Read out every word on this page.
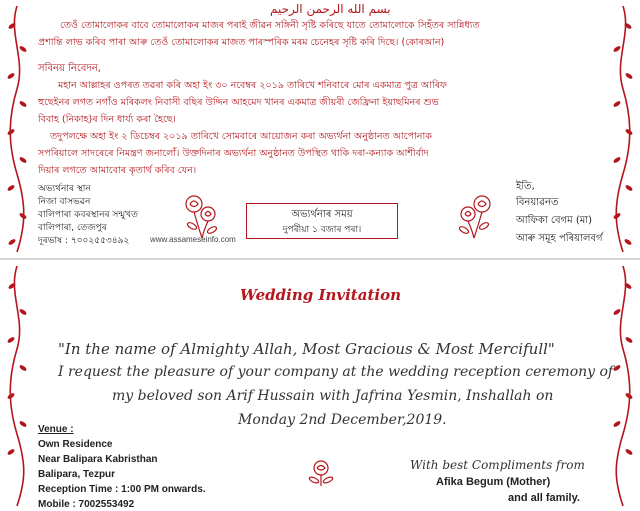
بسم الله الرحمن الرحيم
তেওঁ তোমালোকৰ বাবে তোমালোকৰ মাজৰ পৰাই জীৱন সঙ্গিনী সৃষ্টি কৰিছে যাতে তোমালোকে সিহঁতৰ সান্নিধ্যত
প্ৰশান্তি লাভ কৰিব পাৰা আৰু তেওঁ তোমালোকৰ মাজত পাৰস্পৰিক মৰম চেনেহৰ সৃষ্টি কৰি দিছে। (কোৰআন)
সবিনয় নিবেদন,
মহান আল্লাহৰ ওপৰত তৱৰা কৰি অহা ইং ৩০ নবেম্বৰ ২০১৯ তাৰিখে শনিবাৰে মোৰ একমাত্ৰ পুত্ৰ আৰিফ
হুছেইনৰ লগত নগাঁও মৰিকলং নিবাসী বছিৰ উদ্দিন আহমেদ খানৰ একমাত্ৰ জীয়ৰী জেফ্ৰিনা ইয়াছমিনৰ শুভ
বিবাহ (নিকাহ)ৰ দিন ধাৰ্য্য কৰা হৈছে।
তদুপলক্ষে অহা ইং ২ ডিচেম্বৰ ২০১৯ তাৰিখে সোমবাৰে আয়োজন কৰা অভ্যৰ্থনা অনুষ্ঠানত আপোনাক
সপৰিয়ালে সাদৰেৰে নিমন্ত্ৰণ জনালোঁ। উক্তদিনাৰ অভ্যৰ্থনা অনুষ্ঠানত উপস্থিত থাকি দৰা-কন্যাক আশীৰ্বাদ
দিয়াৰ লগতে আমাবোৰ কৃতাৰ্থ কৰিব যেন।
অভ্যৰ্থনাৰ স্থান
নিজা বাসভৱন
বালিপাৰা কবৰস্থানৰ সন্মুখত
বালিপাৰা, তেজপুৰ
দূৰভাষ : ৭০০২৫৫৩৪৯২	www.assameseinfo.com
অভ্যৰ্থনাৰ সময়
দুপৰীয়া ১ বজাৰ পৰা।
ইতি,
বিনয়াৱনত
আফিকা বেগম (মা)
আৰু সমূহ পৰিয়ালবৰ্গ
Wedding Invitation
"In the name of Almighty Allah, Most Gracious & Most Mercifull"
I request the pleasure of your company at the wedding reception ceremony of
my beloved son Arif Hussain with Jafrina Yesmin, Inshallah on
Monday 2nd December,2019.
Venue :
Own Residence
Near Balipara Kabristhan
Balipara, Tezpur
Reception Time : 1:00 PM onwards.
Mobile : 7002553492
With best Compliments from
Afika Begum (Mother)
and all family.
